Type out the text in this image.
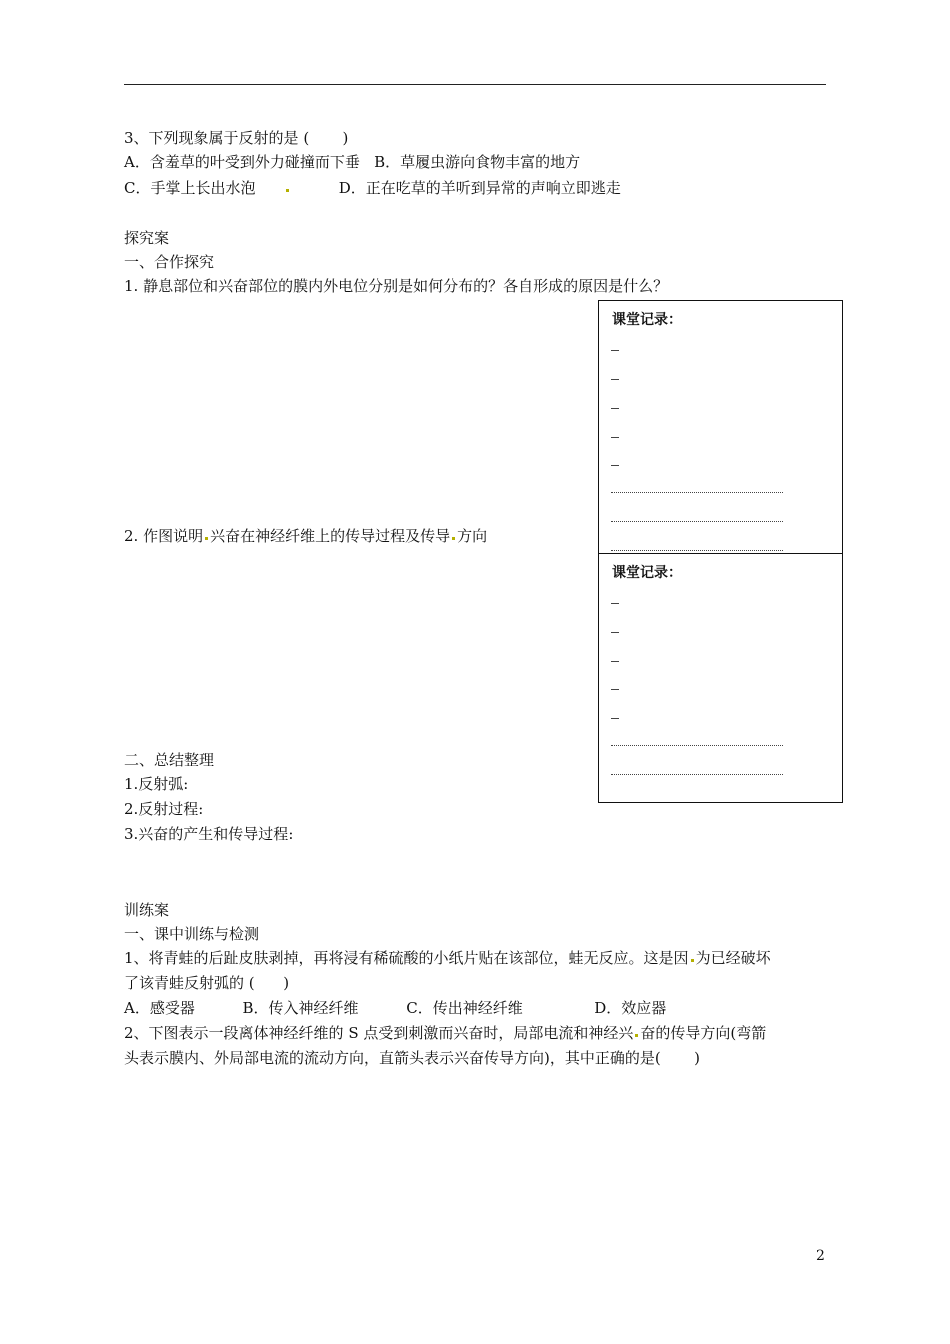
3、下列现象属于反射的是 (       )
A．含羞草的叶受到外力碰撞而下垂   B．草履虫游向食物丰富的地方
C．手掌上长出水泡	D．正在吃草的羊听到异常的声响立即逃走
探究案
一、合作探究
1. 静息部位和兴奋部位的膜内外电位分别是如何分布的？各自形成的原因是什么？
2. 作图说明 兴奋在神经纤维上的传导过程及传导 方向
二、总结整理
1.反射弧:
2.反射过程:
3.兴奋的产生和传导过程:
课堂记录：
课堂记录：
训练案
一、课中训练与检测
1、将青蛙的后趾皮肤剥掉，再将浸有稀硫酸的小纸片贴在该部位，蛙无反应。这是因 为已经破坏
了该青蛙反射弧的 (      )
A．感受器          B．传入神经纤维          C．传出神经纤维               D．效应器
2、下图表示一段离体神经纤维的 S 点受到刺激而兴奋时，局部电流和神经兴 奋的传导方向(弯箭
头表示膜内、外局部电流的流动方向，直箭头表示兴奋传导方向)，其中正确的是(       )
2
